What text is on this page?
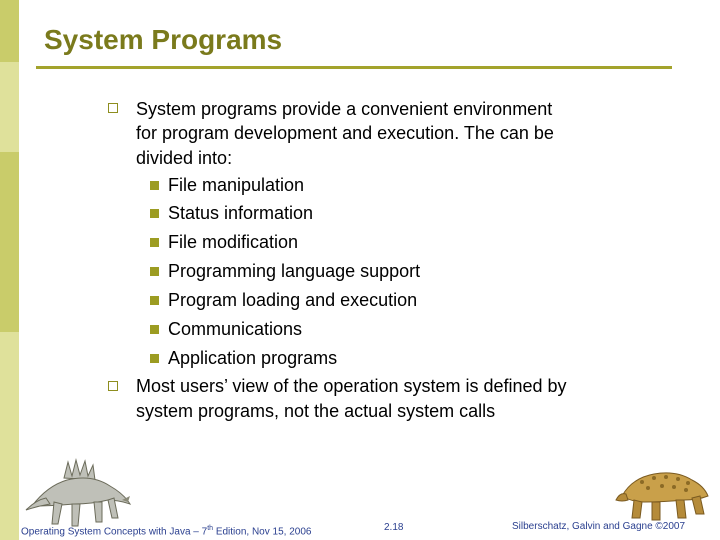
System Programs
System programs provide a convenient environment
for program development and execution. The can be
divided into:
File manipulation
Status information
File modification
Programming language support
Program loading and execution
Communications
Application programs
Most users’ view of the operation system is defined by
system programs, not the actual system calls
Operating System Concepts with Java – 7th Edition, Nov 15, 2006	2.18	Silberschatz, Galvin and Gagne ©2007
